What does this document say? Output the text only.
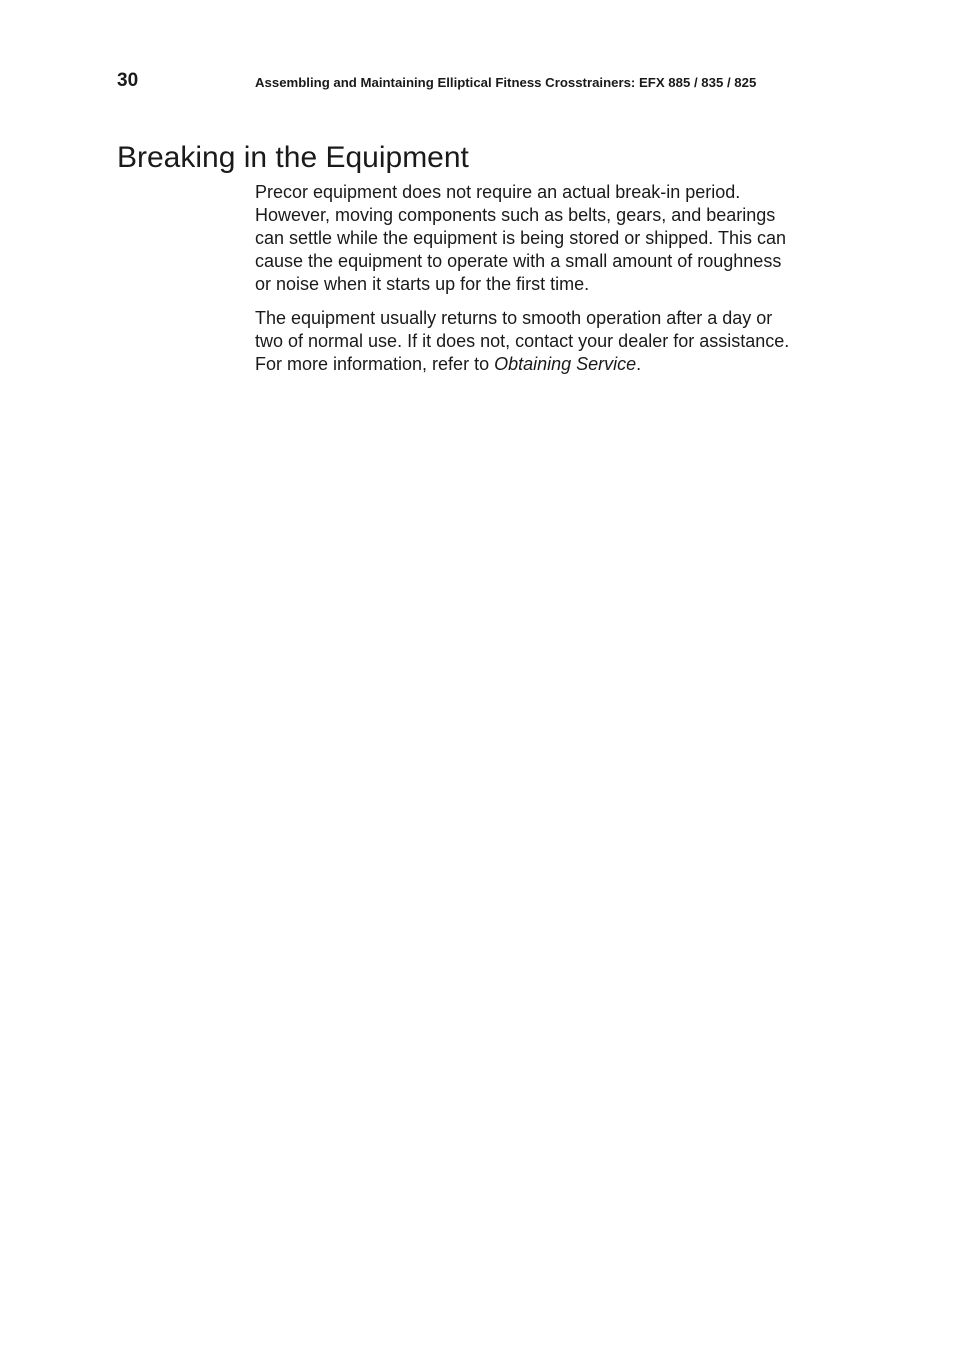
30	Assembling and Maintaining Elliptical Fitness Crosstrainers: EFX 885 / 835 / 825
Breaking in the Equipment

Precor equipment does not require an actual break-in period. However, moving components such as belts, gears, and bearings can settle while the equipment is being stored or shipped. This can cause the equipment to operate with a small amount of roughness or noise when it starts up for the first time.

The equipment usually returns to smooth operation after a day or two of normal use. If it does not, contact your dealer for assistance. For more information, refer to Obtaining Service.
